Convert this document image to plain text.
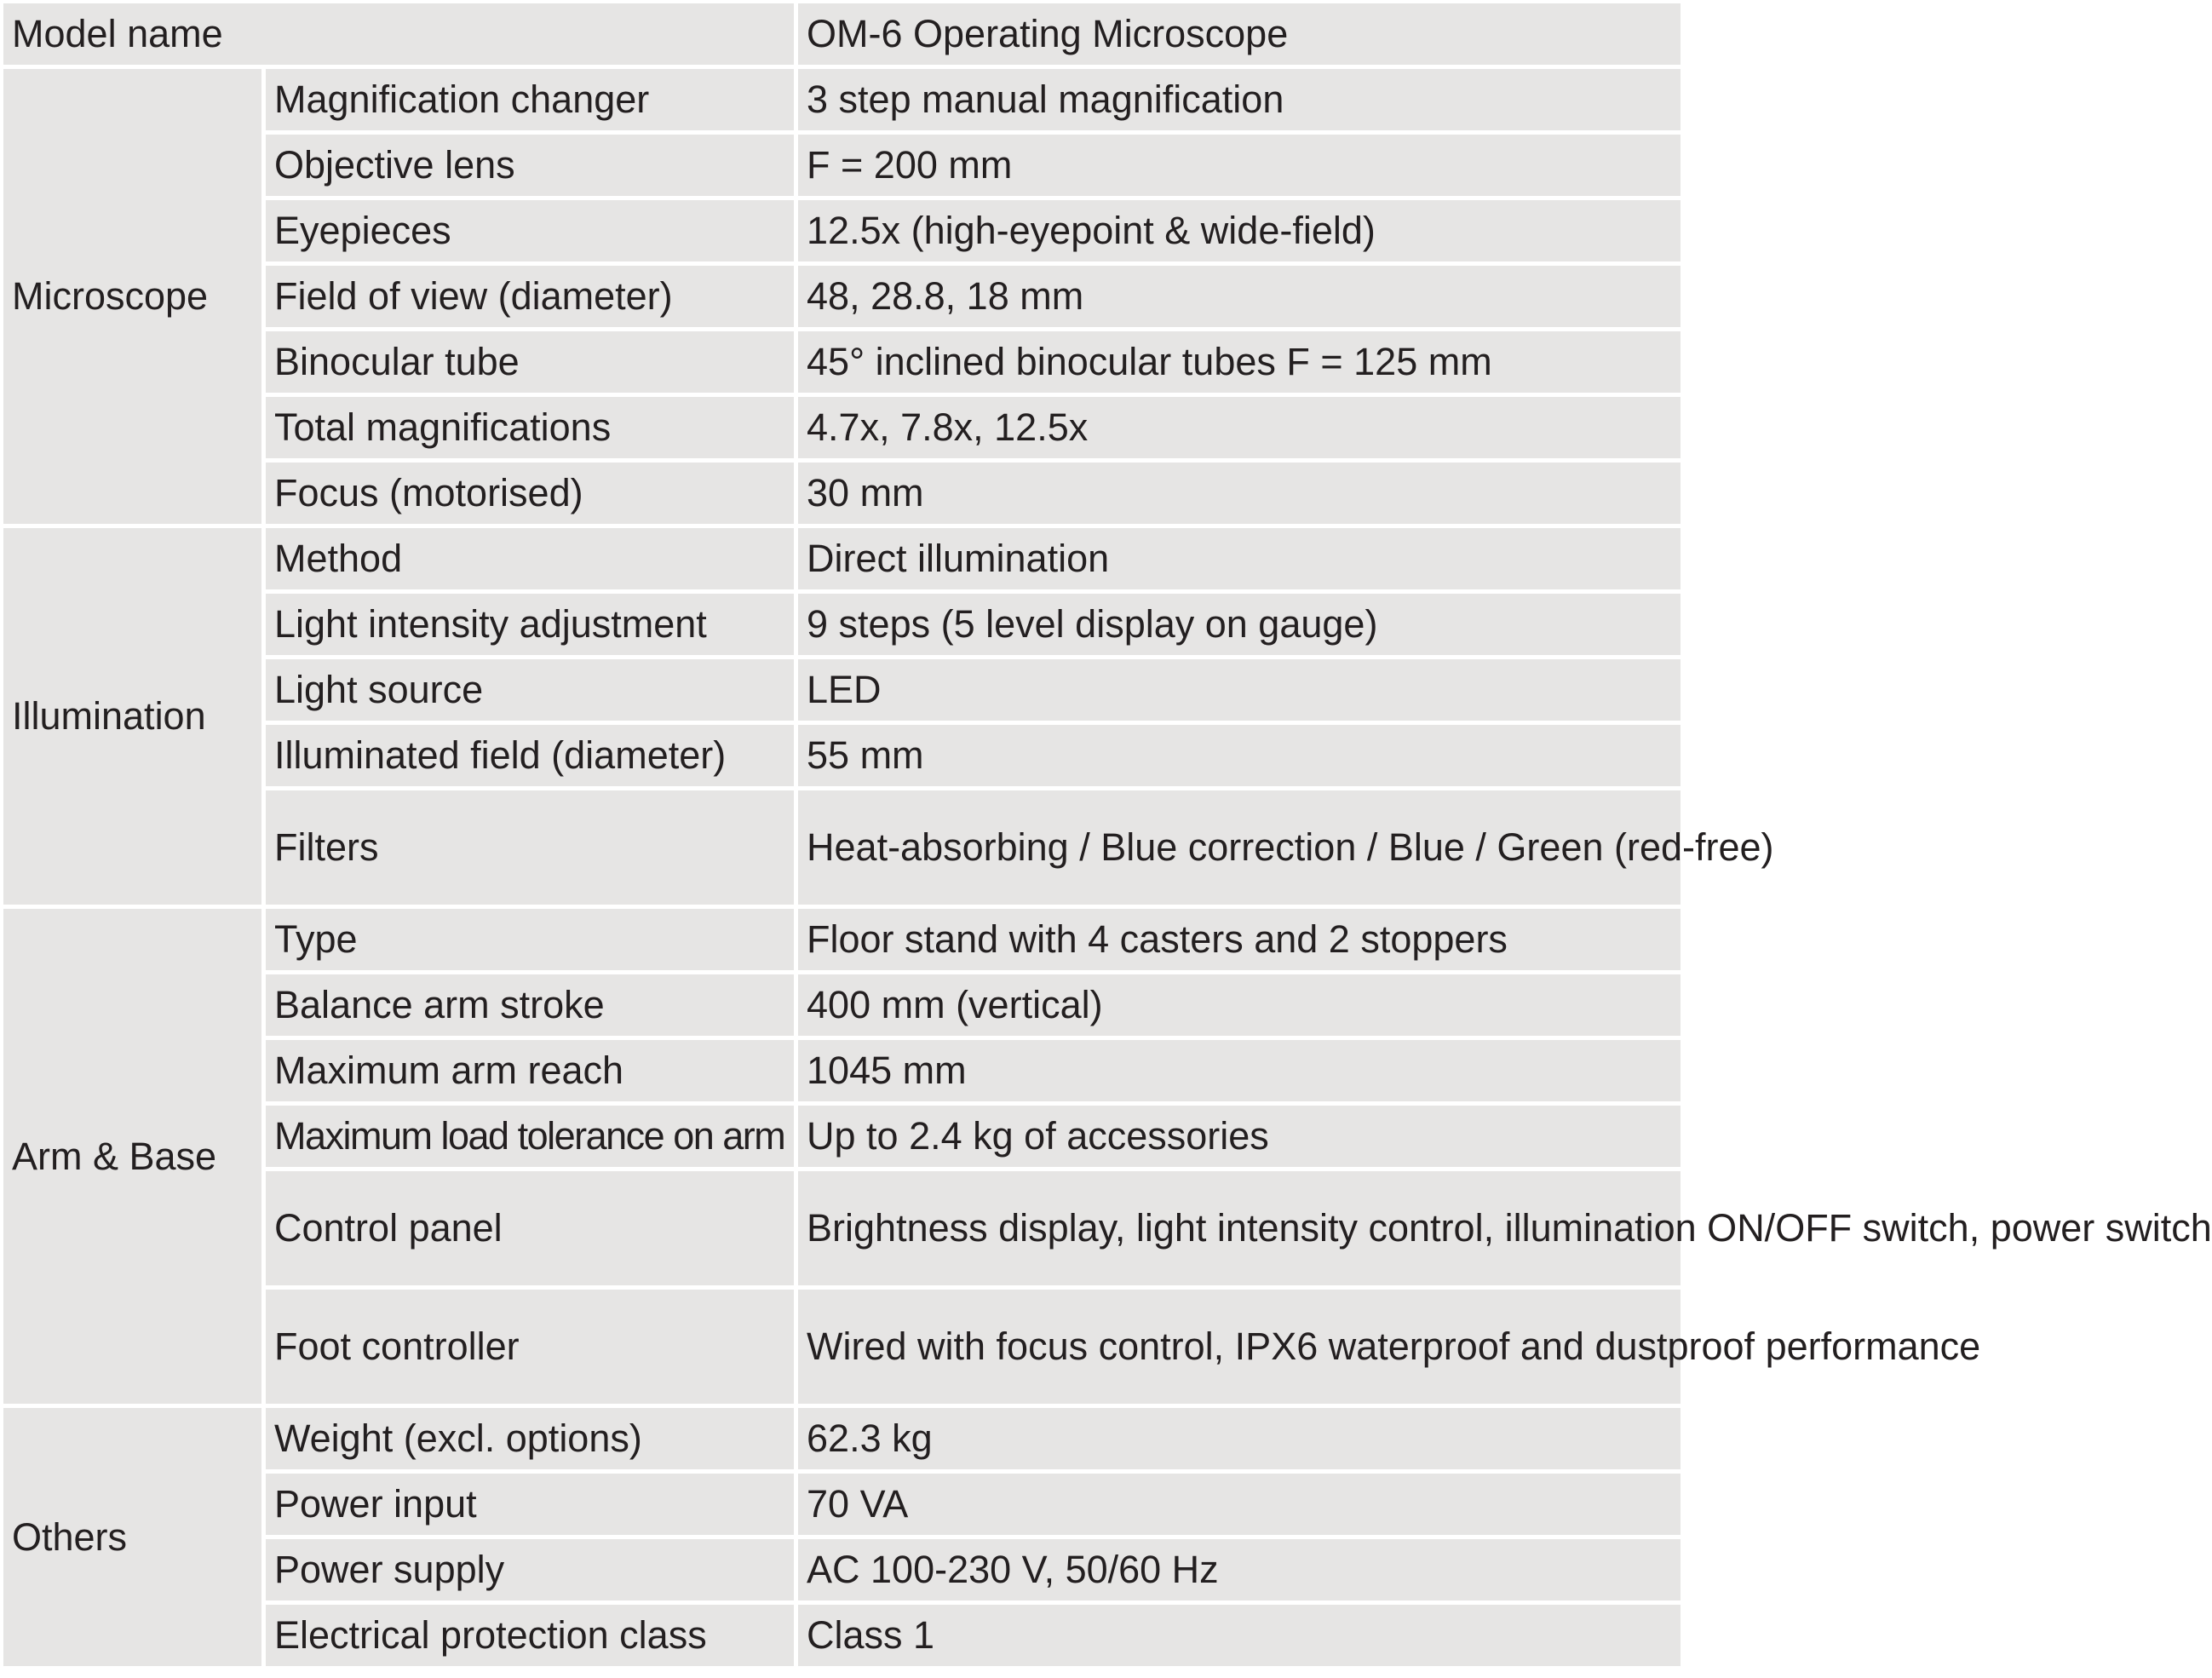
Model name		OM-6 Operating Microscope
Microscope	Magnification changer	3 step manual magnification
	Objective lens	F = 200 mm
	Eyepieces	12.5x (high-eyepoint & wide-field)
	Field of view (diameter)	48, 28.8, 18 mm
	Binocular tube	45° inclined binocular tubes F = 125 mm
	Total magnifications	4.7x, 7.8x, 12.5x
	Focus (motorised)	30 mm
Illumination	Method	Direct illumination
	Light intensity adjustment	9 steps (5 level display on gauge)
	Light source	LED
	Illuminated field (diameter)	55 mm
	Filters	Heat-absorbing / Blue correction / Blue / Green (red-free)
Arm & Base	Type	Floor stand with 4 casters and 2 stoppers
	Balance arm stroke	400 mm (vertical)
	Maximum arm reach	1045 mm
	Maximum load tolerance on arm	Up to 2.4 kg of accessories
	Control panel	Brightness display, light intensity control, illumination ON/OFF switch, power switch
	Foot controller	Wired with focus control, IPX6 waterproof and dustproof performance
Others	Weight (excl. options)	62.3 kg
	Power input	70 VA
	Power supply	AC 100-230 V, 50/60 Hz
	Electrical protection class	Class 1
